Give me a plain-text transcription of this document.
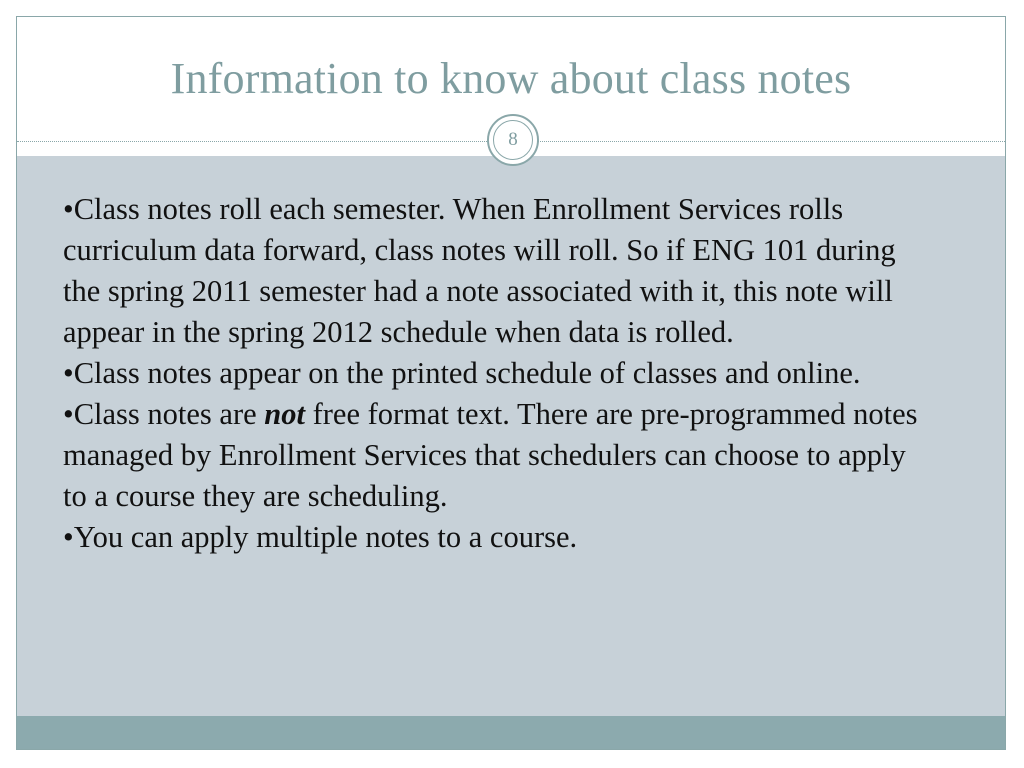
Information to know about class notes
8

•Class notes roll each semester. When Enrollment Services rolls curriculum data forward, class notes will roll. So if ENG 101 during the spring 2011 semester had a note associated with it, this note will appear in the spring 2012 schedule when data is rolled.

•Class notes appear on the printed schedule of classes and online.

•Class notes are not free format text. There are pre-programmed notes managed by Enrollment Services that schedulers can choose to apply to a course they are scheduling.

•You can apply multiple notes to a course.
